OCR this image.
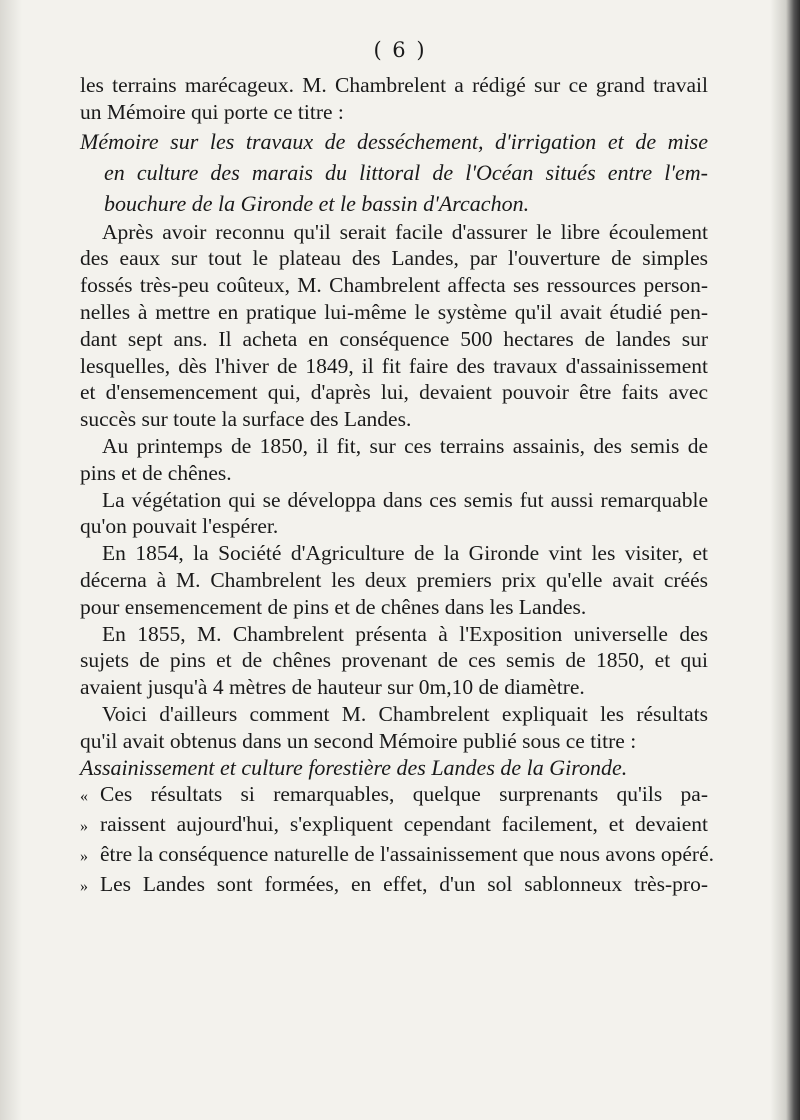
( 6 )

les terrains marécageux. M. Chambrelent a rédigé sur ce grand travail
un Mémoire qui porte ce titre :

Mémoire sur les travaux de desséchement, d'irrigation et de mise
en culture des marais du littoral de l'Océan situés entre l'em-
bouchure de la Gironde et le bassin d'Arcachon.

Après avoir reconnu qu'il serait facile d'assurer le libre écoulement
des eaux sur tout le plateau des Landes, par l'ouverture de simples
fossés très-peu coûteux, M. Chambrelent affecta ses ressources person-
nelles à mettre en pratique lui-même le système qu'il avait étudié pen-
dant sept ans. Il acheta en conséquence 500 hectares de landes sur
lesquelles, dès l'hiver de 1849, il fit faire des travaux d'assainissement
et d'ensemencement qui, d'après lui, devaient pouvoir être faits avec
succès sur toute la surface des Landes.

Au printemps de 1850, il fit, sur ces terrains assainis, des semis de
pins et de chênes.

La végétation qui se développa dans ces semis fut aussi remarquable
qu'on pouvait l'espérer.

En 1854, la Société d'Agriculture de la Gironde vint les visiter, et
décerna à M. Chambrelent les deux premiers prix qu'elle avait créés
pour ensemencement de pins et de chênes dans les Landes.

En 1855, M. Chambrelent présenta à l'Exposition universelle des
sujets de pins et de chênes provenant de ces semis de 1850, et qui
avaient jusqu'à 4 mètres de hauteur sur 0m,10 de diamètre.

Voici d'ailleurs comment M. Chambrelent expliquait les résultats
qu'il avait obtenus dans un second Mémoire publié sous ce titre :

Assainissement et culture forestière des Landes de la Gironde.

« Ces résultats si remarquables, quelque surprenants qu'ils pa-
» raissent aujourd'hui, s'expliquent cependant facilement, et devaient
» être la conséquence naturelle de l'assainissement que nous avons opéré.
» Les Landes sont formées, en effet, d'un sol sablonneux très-pro-
